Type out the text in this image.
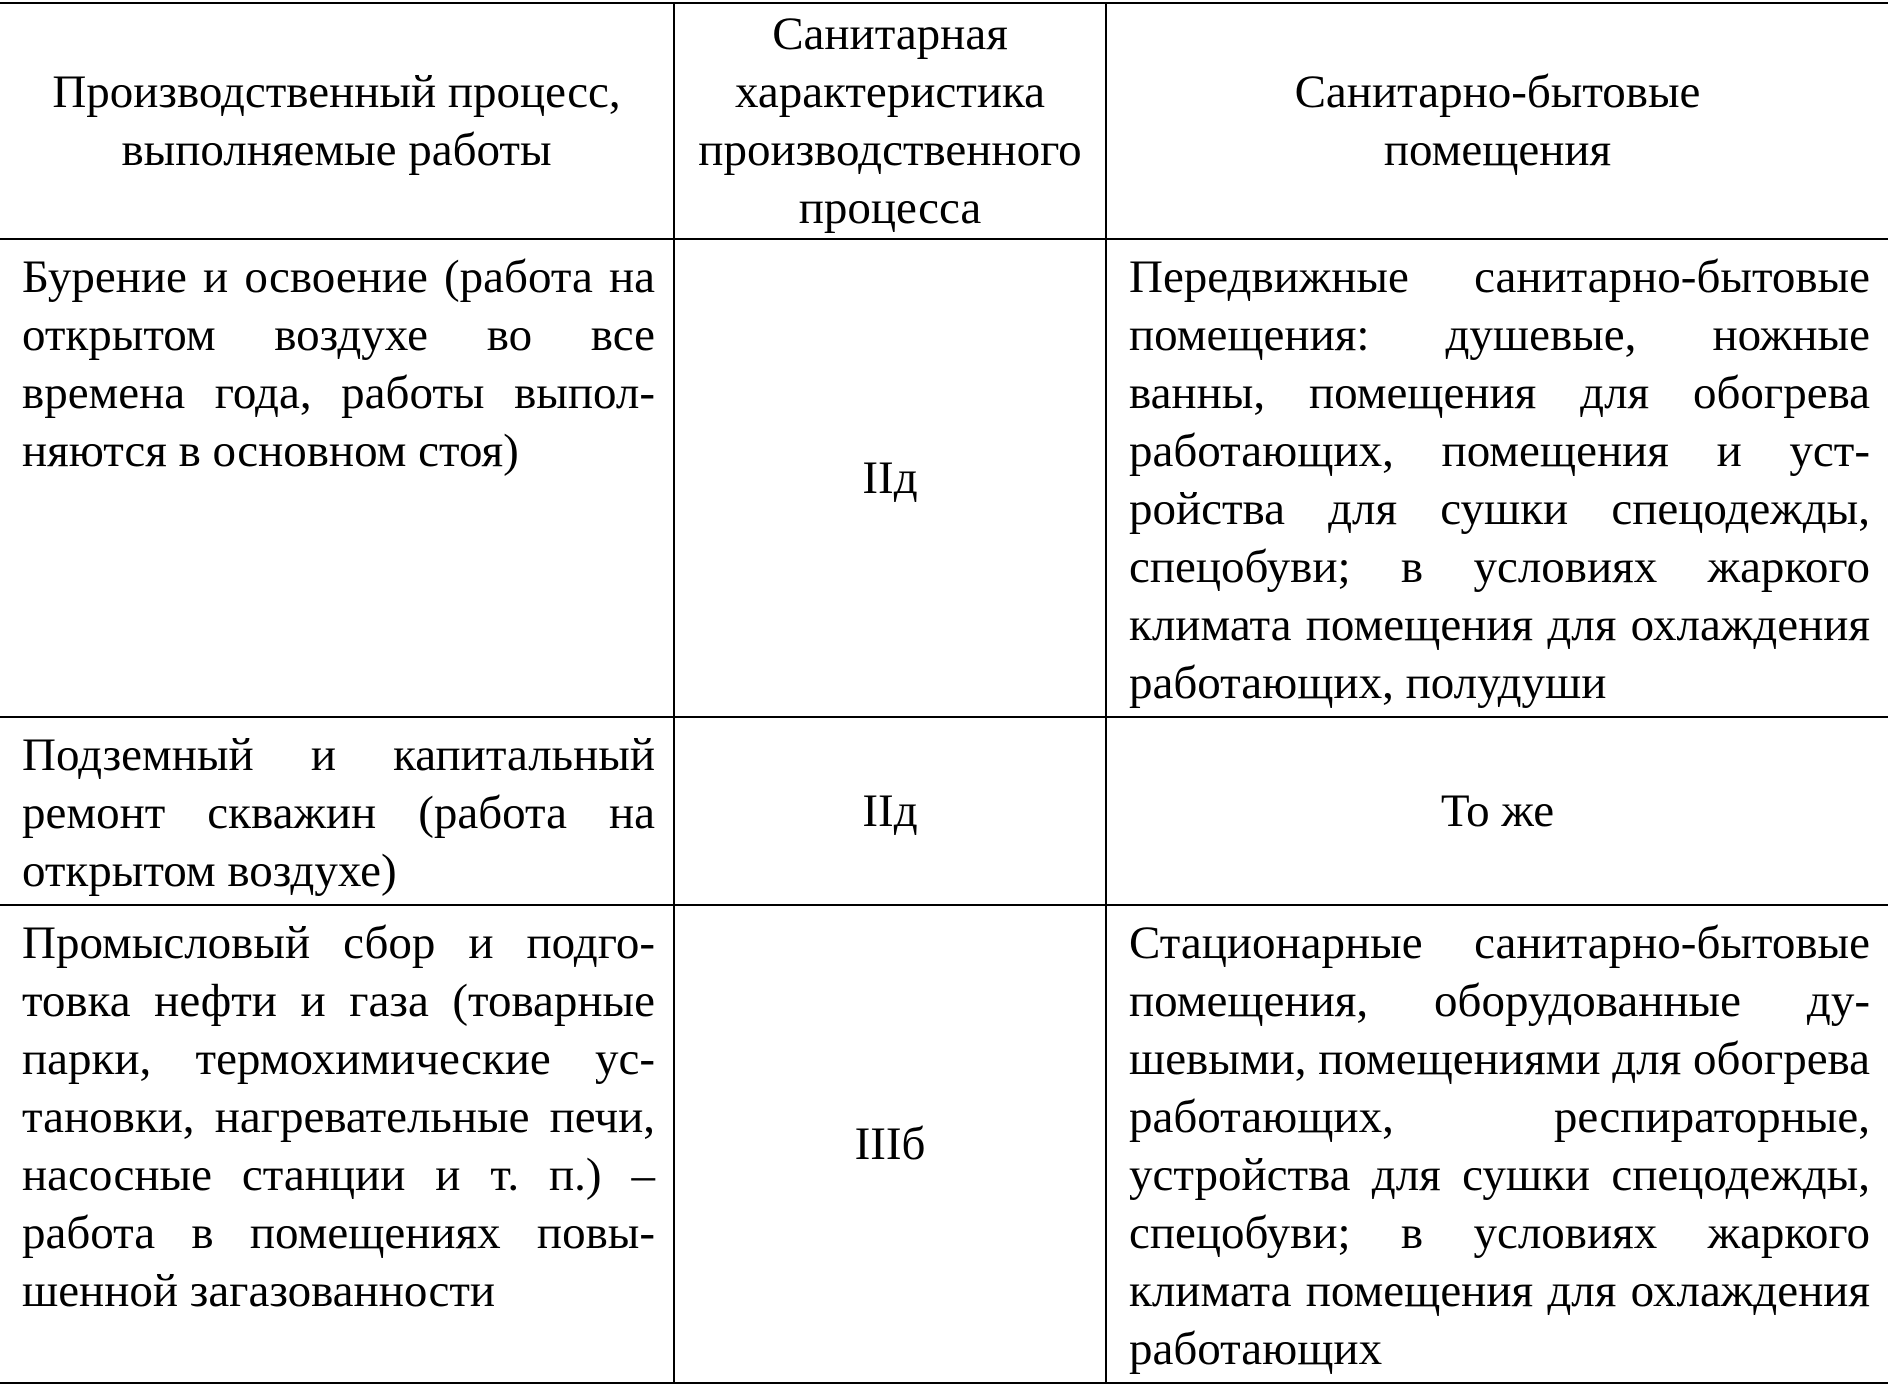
Производственный процесс, выполняемые работы	Санитарная характеристика производственного процесса	Санитарно-бытовые помещения

Бурение и освоение (работа на открытом воздухе во все времена года, работы выполняются в основном стоя)	IIд	Передвижные санитарно-бытовые помещения: душевые, ножные ванны, помещения для обогрева работающих, помещения и устройства для сушки спецодежды, спецобуви; в условиях жаркого климата помещения для охлаждения работающих, полудуши

Подземный и капитальный ремонт скважин (работа на открытом воздухе)	IIд	То же

Промысловый сбор и подготовка нефти и газа (товарные парки, термохимические установки, нагревательные печи, насосные станции и т. п.) – работа в помещениях повышенной загазованности	IIIб	Стационарные санитарно-бытовые помещения, оборудованные душевыми, помещениями для обогрева работающих, респираторные, устройства для сушки спецодежды, спецобуви; в условиях жаркого климата помещения для охлаждения работающих
